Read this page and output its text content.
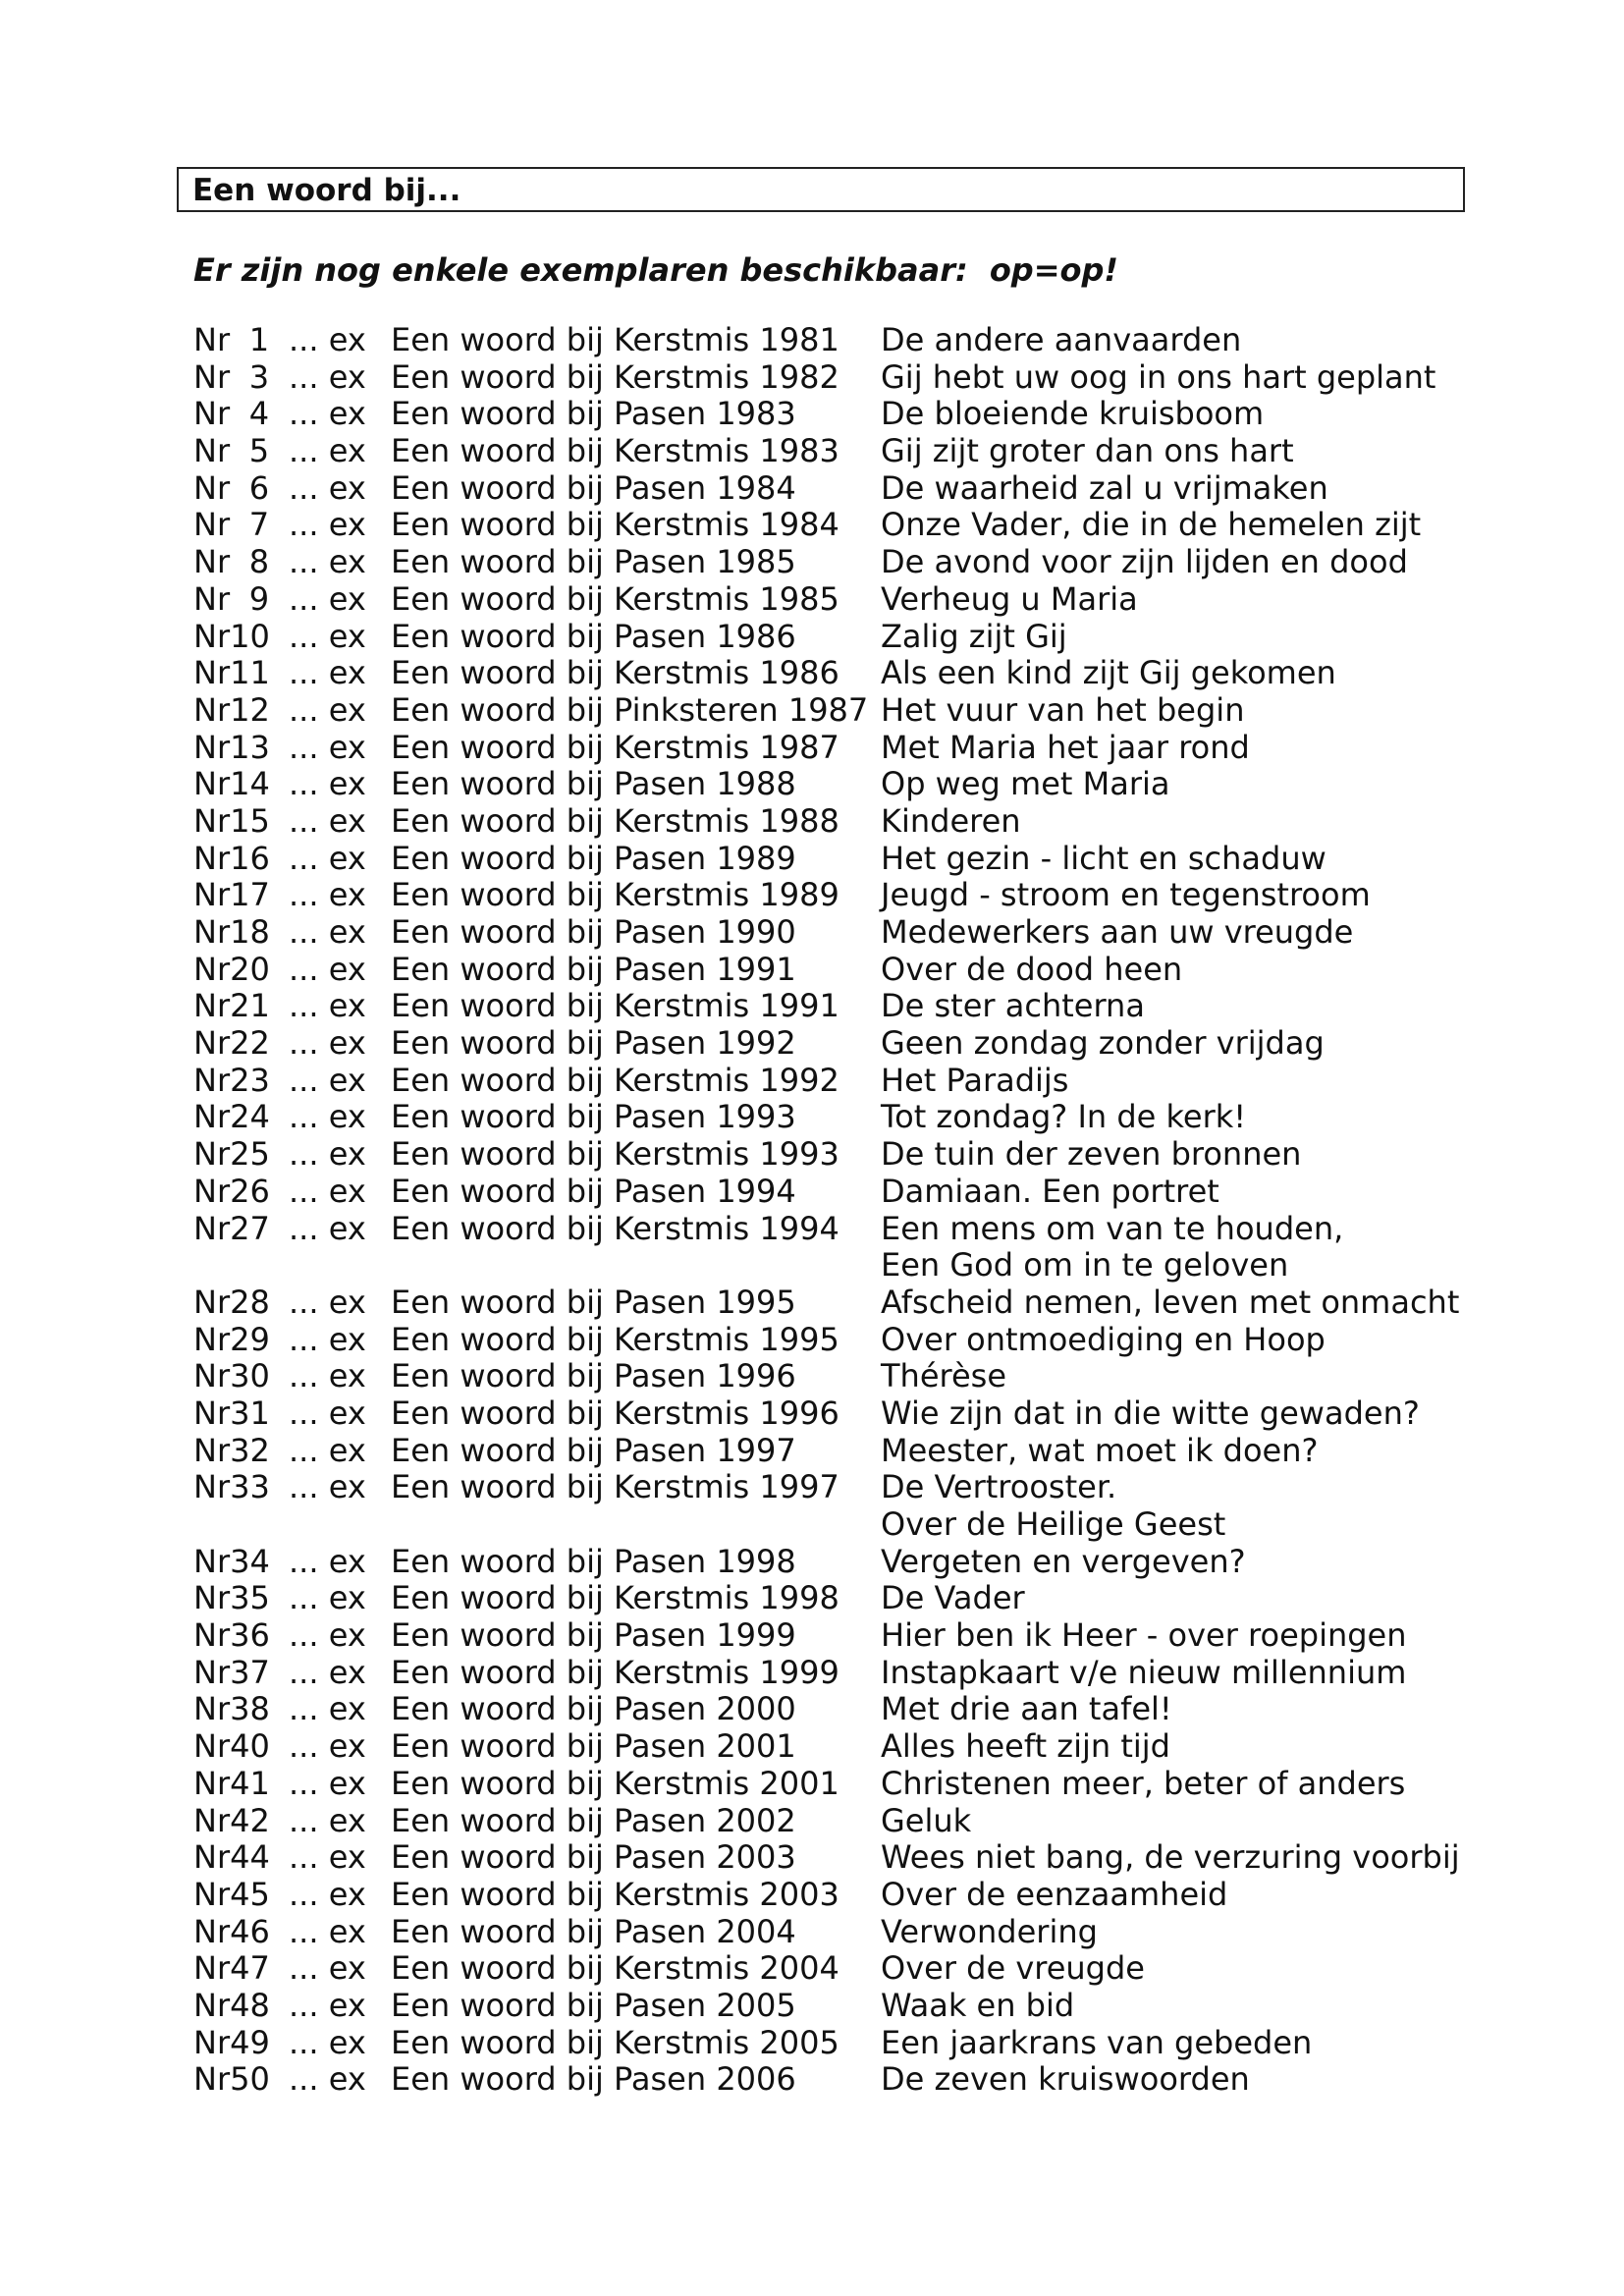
Een woord bij...
Er zijn nog enkele exemplaren beschikbaar: op=op!
Nr 1 ... ex Een woord bij Kerstmis 1981 De andere aanvaarden
Nr 3 ... ex Een woord bij Kerstmis 1982 Gij hebt uw oog in ons hart geplant
Nr 4 ... ex Een woord bij Pasen 1983	De bloeiende kruisboom
Nr 5 ... ex Een woord bij Kerstmis 1983 Gij zijt groter dan ons hart
Nr 6 ... ex Een woord bij Pasen 1984	De waarheid zal u vrijmaken
Nr 7 ... ex Een woord bij Kerstmis 1984 Onze Vader, die in de hemelen zijt
Nr 8 ... ex Een woord bij Pasen 1985	De avond voor zijn lijden en dood
Nr 9 ... ex Een woord bij Kerstmis 1985 Verheug u Maria
Nr10 ... ex Een woord bij Pasen 1986	Zalig zijt Gij
Nr11 ... ex Een woord bij Kerstmis 1986 Als een kind zijt Gij gekomen
Nr12 ... ex Een woord bij Pinksteren 1987 Het vuur van het begin
Nr13 ... ex Een woord bij Kerstmis 1987 Met Maria het jaar rond
Nr14 ... ex Een woord bij Pasen 1988	Op weg met Maria
Nr15 ... ex Een woord bij Kerstmis 1988 Kinderen
Nr16 ... ex Een woord bij Pasen 1989	Het gezin - licht en schaduw
Nr17 ... ex Een woord bij Kerstmis 1989 Jeugd - stroom en tegenstroom
Nr18 ... ex Een woord bij Pasen 1990	Medewerkers aan uw vreugde
Nr20 ... ex Een woord bij Pasen 1991	Over de dood heen
Nr21 ... ex Een woord bij Kerstmis 1991 De ster achterna
Nr22 ... ex Een woord bij Pasen 1992	Geen zondag zonder vrijdag
Nr23 ... ex Een woord bij Kerstmis 1992 Het Paradijs
Nr24 ... ex Een woord bij Pasen 1993	Tot zondag? In de kerk!
Nr25 ... ex Een woord bij Kerstmis 1993 De tuin der zeven bronnen
Nr26 ... ex Een woord bij Pasen 1994	Damiaan. Een portret
Nr27 ... ex Een woord bij Kerstmis 1994 Een mens om van te houden,
Een God om in te geloven
Nr28 ... ex Een woord bij Pasen 1995	Afscheid nemen, leven met onmacht
Nr29 ... ex Een woord bij Kerstmis 1995 Over ontmoediging en Hoop
Nr30 ... ex Een woord bij Pasen 1996	Thérèse
Nr31 ... ex Een woord bij Kerstmis 1996 Wie zijn dat in die witte gewaden?
Nr32 ... ex Een woord bij Pasen 1997	Meester, wat moet ik doen?
Nr33 ... ex Een woord bij Kerstmis 1997 De Vertrooster.
Over de Heilige Geest
Nr34 ... ex Een woord bij Pasen 1998	Vergeten en vergeven?
Nr35 ... ex Een woord bij Kerstmis 1998 De Vader
Nr36 ... ex Een woord bij Pasen 1999	Hier ben ik Heer - over roepingen
Nr37 ... ex Een woord bij Kerstmis 1999 Instapkaart v/e nieuw millennium
Nr38 ... ex Een woord bij Pasen 2000	Met drie aan tafel!
Nr40 ... ex Een woord bij Pasen 2001	Alles heeft zijn tijd
Nr41 ... ex Een woord bij Kerstmis 2001 Christenen meer, beter of anders
Nr42 ... ex Een woord bij Pasen 2002	Geluk
Nr44 ... ex Een woord bij Pasen 2003	Wees niet bang, de verzuring voorbij
Nr45 ... ex Een woord bij Kerstmis 2003 Over de eenzaamheid
Nr46 ... ex Een woord bij Pasen 2004	Verwondering
Nr47 ... ex Een woord bij Kerstmis 2004 Over de vreugde
Nr48 ... ex Een woord bij Pasen 2005	Waak en bid
Nr49 ... ex Een woord bij Kerstmis 2005 Een jaarkrans van gebeden
Nr50 ... ex Een woord bij Pasen 2006	De zeven kruiswoorden
